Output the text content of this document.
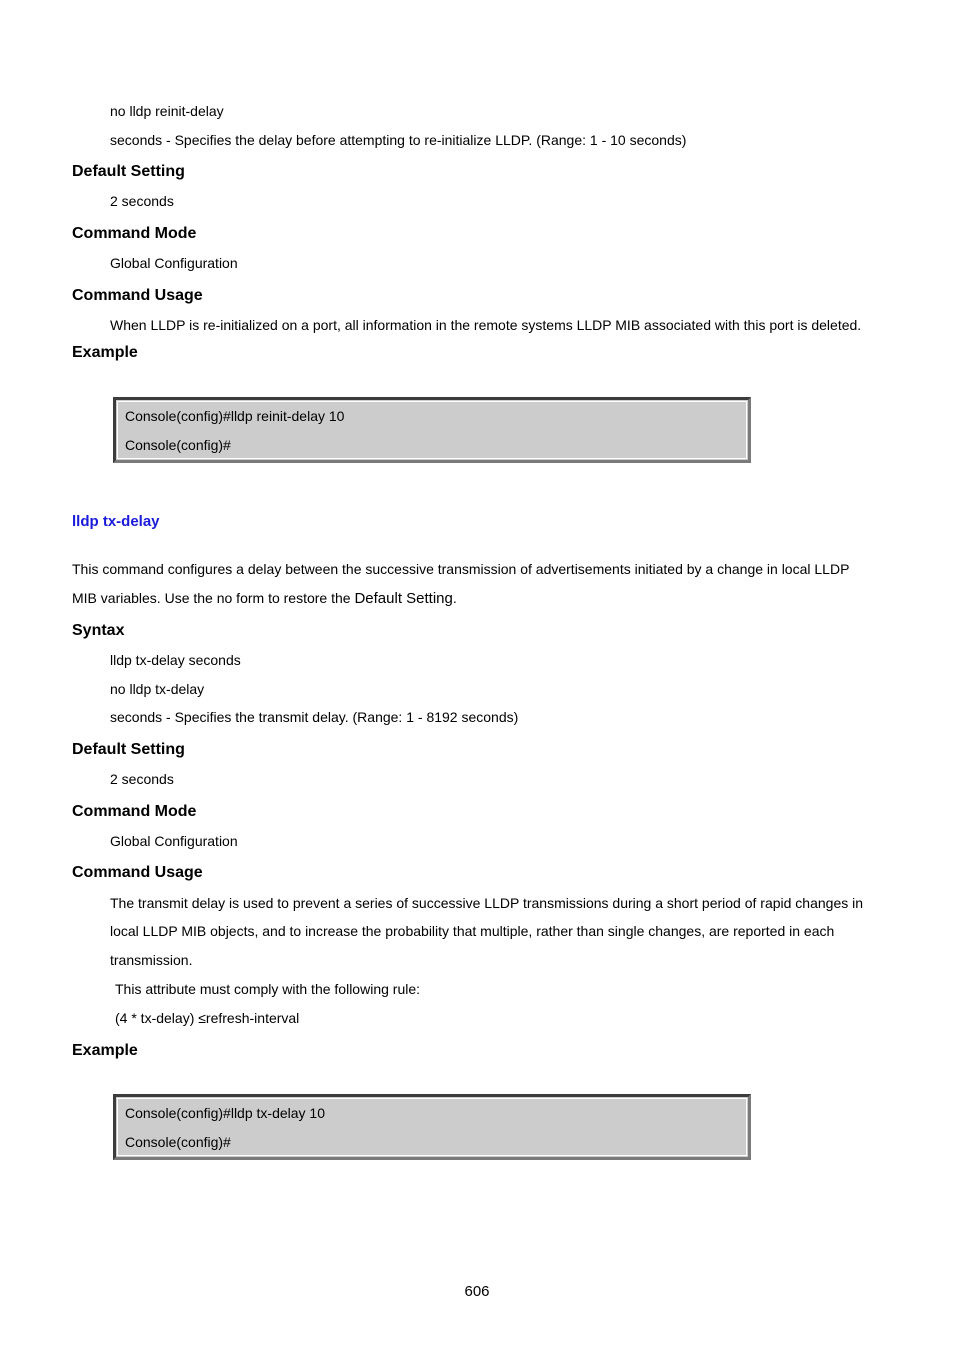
no lldp reinit-delay
seconds - Specifies the delay before attempting to re-initialize LLDP. (Range: 1 - 10 seconds)
Default Setting
2 seconds
Command Mode
Global Configuration
Command Usage
When LLDP is re-initialized on a port, all information in the remote systems LLDP MIB associated with this port is deleted.
Example
Console(config)#lldp reinit-delay 10
Console(config)#
lldp tx-delay
This command configures a delay between the successive transmission of advertisements initiated by a change in local LLDP
MIB variables. Use the no form to restore the Default Setting.
Syntax
lldp tx-delay seconds
no lldp tx-delay
seconds - Specifies the transmit delay. (Range: 1 - 8192 seconds)
Default Setting
2 seconds
Command Mode
Global Configuration
Command Usage
The transmit delay is used to prevent a series of successive LLDP transmissions during a short period of rapid changes in
local LLDP MIB objects, and to increase the probability that multiple, rather than single changes, are reported in each
transmission.
This attribute must comply with the following rule:
(4 * tx-delay) ≤refresh-interval
Example
Console(config)#lldp tx-delay 10
Console(config)#
606
